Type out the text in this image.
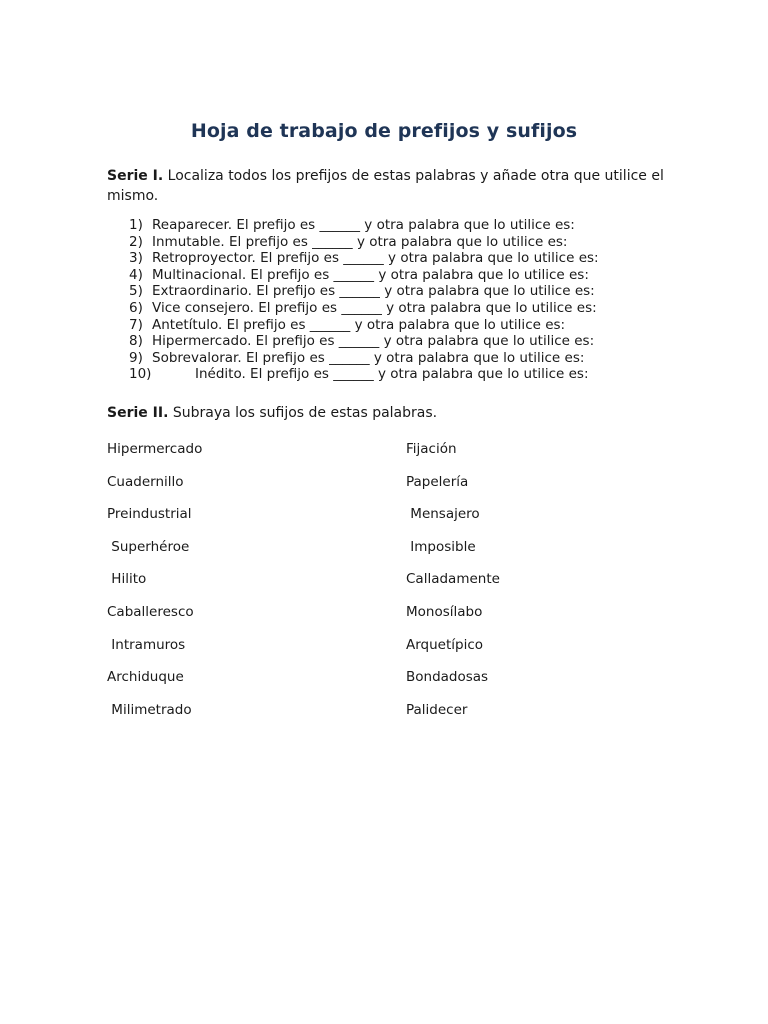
Hoja de trabajo de prefijos y sufijos
Serie I. Localiza todos los prefijos de estas palabras y añade otra que utilice el mismo.
1) Reaparecer. El prefijo es ______ y otra palabra que lo utilice es:
2) Inmutable. El prefijo es ______ y otra palabra que lo utilice es:
3) Retroproyector. El prefijo es ______ y otra palabra que lo utilice es:
4) Multinacional. El prefijo es ______ y otra palabra que lo utilice es:
5) Extraordinario. El prefijo es ______ y otra palabra que lo utilice es:
6) Vice consejero. El prefijo es ______ y otra palabra que lo utilice es:
7) Antetítulo. El prefijo es ______ y otra palabra que lo utilice es:
8) Hipermercado. El prefijo es ______ y otra palabra que lo utilice es:
9) Sobrevalorar. El prefijo es ______ y otra palabra que lo utilice es:
10)	Inédito. El prefijo es ______ y otra palabra que lo utilice es:
Serie II. Subraya los sufijos de estas palabras.
Hipermercado	Fijación
Cuadernillo	Papelería
Preindustrial	Mensajero
Superhéroe	Imposible
Hilito	Calladamente
Caballeresco	Monosílabo
Intramuros	Arquetípico
Archiduque	Bondadosas
Milimetrado	Palidecer
